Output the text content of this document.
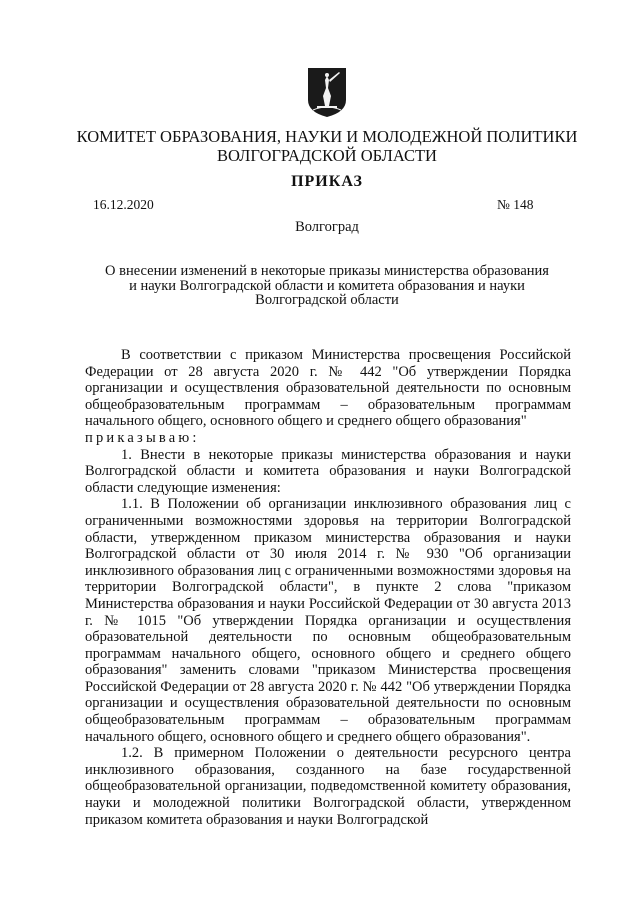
КОМИТЕТ ОБРАЗОВАНИЯ, НАУКИ И МОЛОДЕЖНОЙ ПОЛИТИКИ
ВОЛГОГРАДСКОЙ ОБЛАСТИ
ПРИКАЗ
16.12.2020	№ 148
Волгоград
О внесении изменений в некоторые приказы министерства образования
и науки Волгоградской области и комитета образования и науки
Волгоградской области

В соответствии с приказом Министерства просвещения Российской Федерации от 28 августа 2020 г. № 442 "Об утверждении Порядка организации и осуществления образовательной деятельности по основным общеобразовательным программам – образовательным программам начального общего, основного общего и среднего общего образования"

приказываю:

1. Внести в некоторые приказы министерства образования и науки Волгоградской области и комитета образования и науки Волгоградской области следующие изменения:

1.1. В Положении об организации инклюзивного образования лиц с ограниченными возможностями здоровья на территории Волгоградской области, утвержденном приказом министерства образования и науки Волгоградской области от 30 июля 2014 г. № 930 "Об организации инклюзивного образования лиц с ограниченными возможностями здоровья на территории Волгоградской области", в пункте 2 слова "приказом Министерства образования и науки Российской Федерации от 30 августа 2013 г. № 1015 "Об утверждении Порядка организации и осуществления образовательной деятельности по основным общеобразовательным программам начального общего, основного общего и среднего общего образования" заменить словами "приказом Министерства просвещения Российской Федерации от 28 августа 2020 г. № 442 "Об утверждении Порядка организации и осуществления образовательной деятельности по основным общеобразовательным программам – образовательным программам начального общего, основного общего и среднего общего образования".

1.2. В примерном Положении о деятельности ресурсного центра инклюзивного образования, созданного на базе государственной общеобразовательной организации, подведомственной комитету образования, науки и молодежной политики Волгоградской области, утвержденном приказом комитета образования и науки Волгоградской
